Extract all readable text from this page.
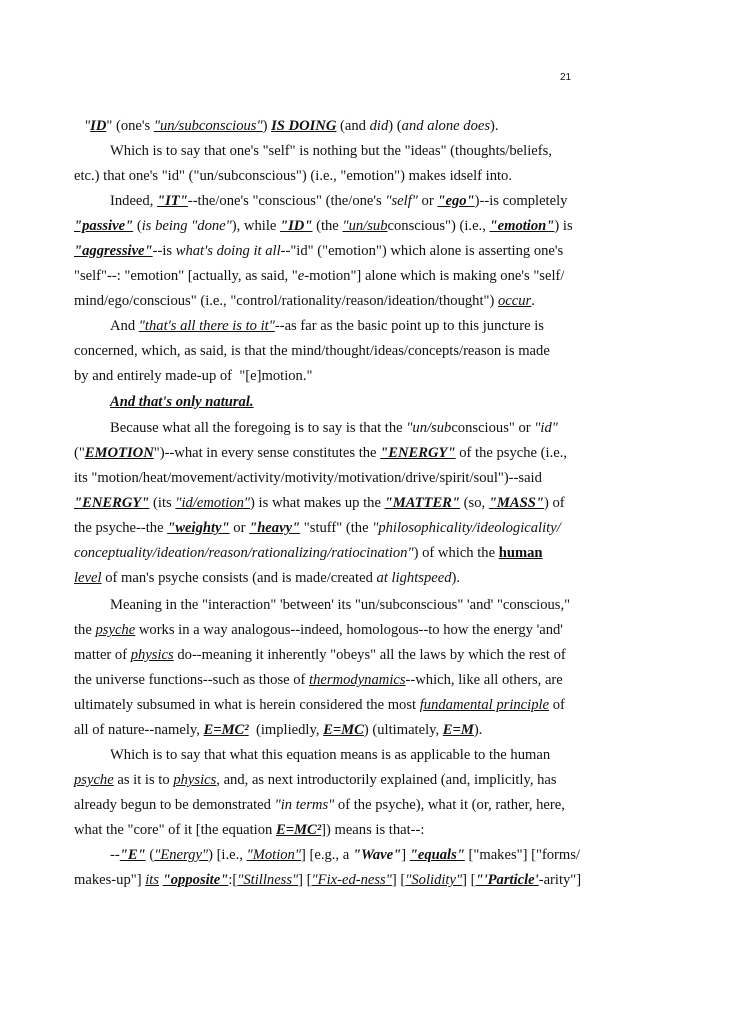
21
"ID" (one's "un/subconscious") IS DOING (and did) (and alone does).
Which is to say that one's "self" is nothing but the "ideas" (thoughts/beliefs,
etc.) that one's "id" ("un/subconscious") (i.e., "emotion") makes idself into.
Indeed, "IT"--the/one's "conscious" (the/one's "self" or "ego")--is completely
"passive" (is being "done"), while "ID" (the "un/subconscious") (i.e., "emotion") is
"aggressive"--is what's doing it all--"id" ("emotion") which alone is asserting one's
"self"--: "emotion" [actually, as said, "e-motion"] alone which is making one's "self/
mind/ego/conscious" (i.e., "control/rationality/reason/ideation/thought") occur.
And "that's all there is to it"--as far as the basic point up to this juncture is
concerned, which, as said, is that the mind/thought/ideas/concepts/reason is made
by and entirely made-up of  "[e]motion."
And that's only natural.
Because what all the foregoing is to say is that the "un/subconscious" or "id"
("EMOTION")--what in every sense constitutes the "ENERGY" of the psyche (i.e.,
its "motion/heat/movement/activity/motivity/motivation/drive/spirit/soul")--said
"ENERGY" (its "id/emotion") is what makes up the "MATTER" (so, "MASS") of
the psyche--the "weighty" or "heavy" "stuff" (the "philosophicality/ideologicality/
conceptuality/ideation/reason/rationalizing/ratiocination") of which the human
level of man's psyche consists (and is made/created at lightspeed).
Meaning in the "interaction" 'between' its "un/subconscious" 'and' "conscious,"
the psyche works in a way analogous--indeed, homologous--to how the energy 'and'
matter of physics do--meaning it inherently "obeys" all the laws by which the rest of
the universe functions--such as those of thermodynamics--which, like all others, are
ultimately subsumed in what is herein considered the most fundamental principle of
all of nature--namely, E=MC²  (impliedly, E=MC) (ultimately, E=M).
Which is to say that what this equation means is as applicable to the human
psyche as it is to physics, and, as next introductorily explained (and, implicitly, has
already begun to be demonstrated "in terms" of the psyche), what it (or, rather, here,
what the "core" of it [the equation E=MC²]) means is that--:
--"E" ("Energy") [i.e., "Motion"] [e.g., a "Wave"] "equals" ["makes"] ["forms/
makes-up"] its "opposite":["Stillness"] ["Fix-ed-ness"] ["Solidity"] ["'Particle'-arity"]
